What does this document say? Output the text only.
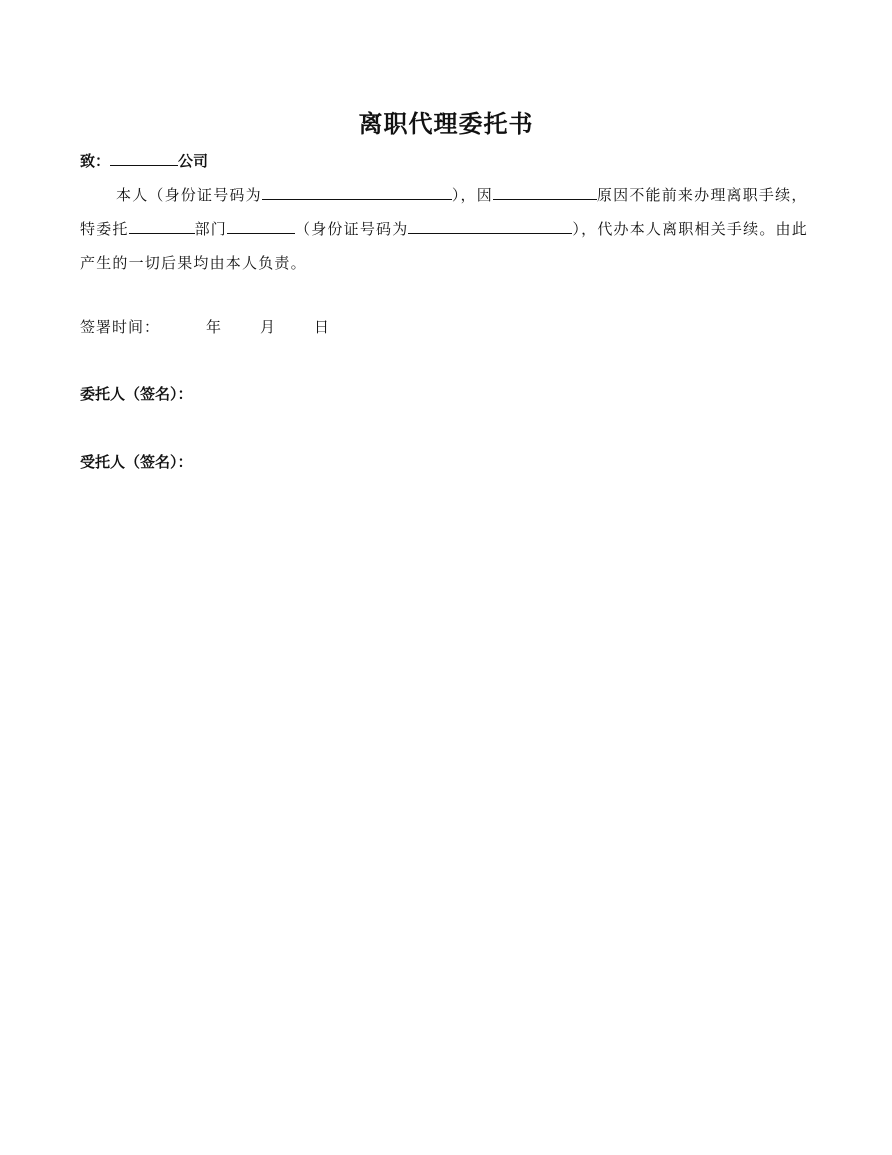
离职代理委托书
致：	公司

本人（身份证号码为	），因	原因不能前来办理离职手续，特委托	部门	（身份证号码为	），代办本人离职相关手续。由此产生的一切后果均由本人负责。

签署时间：	年	月	日
委托人（签名）：
受托人（签名）：
